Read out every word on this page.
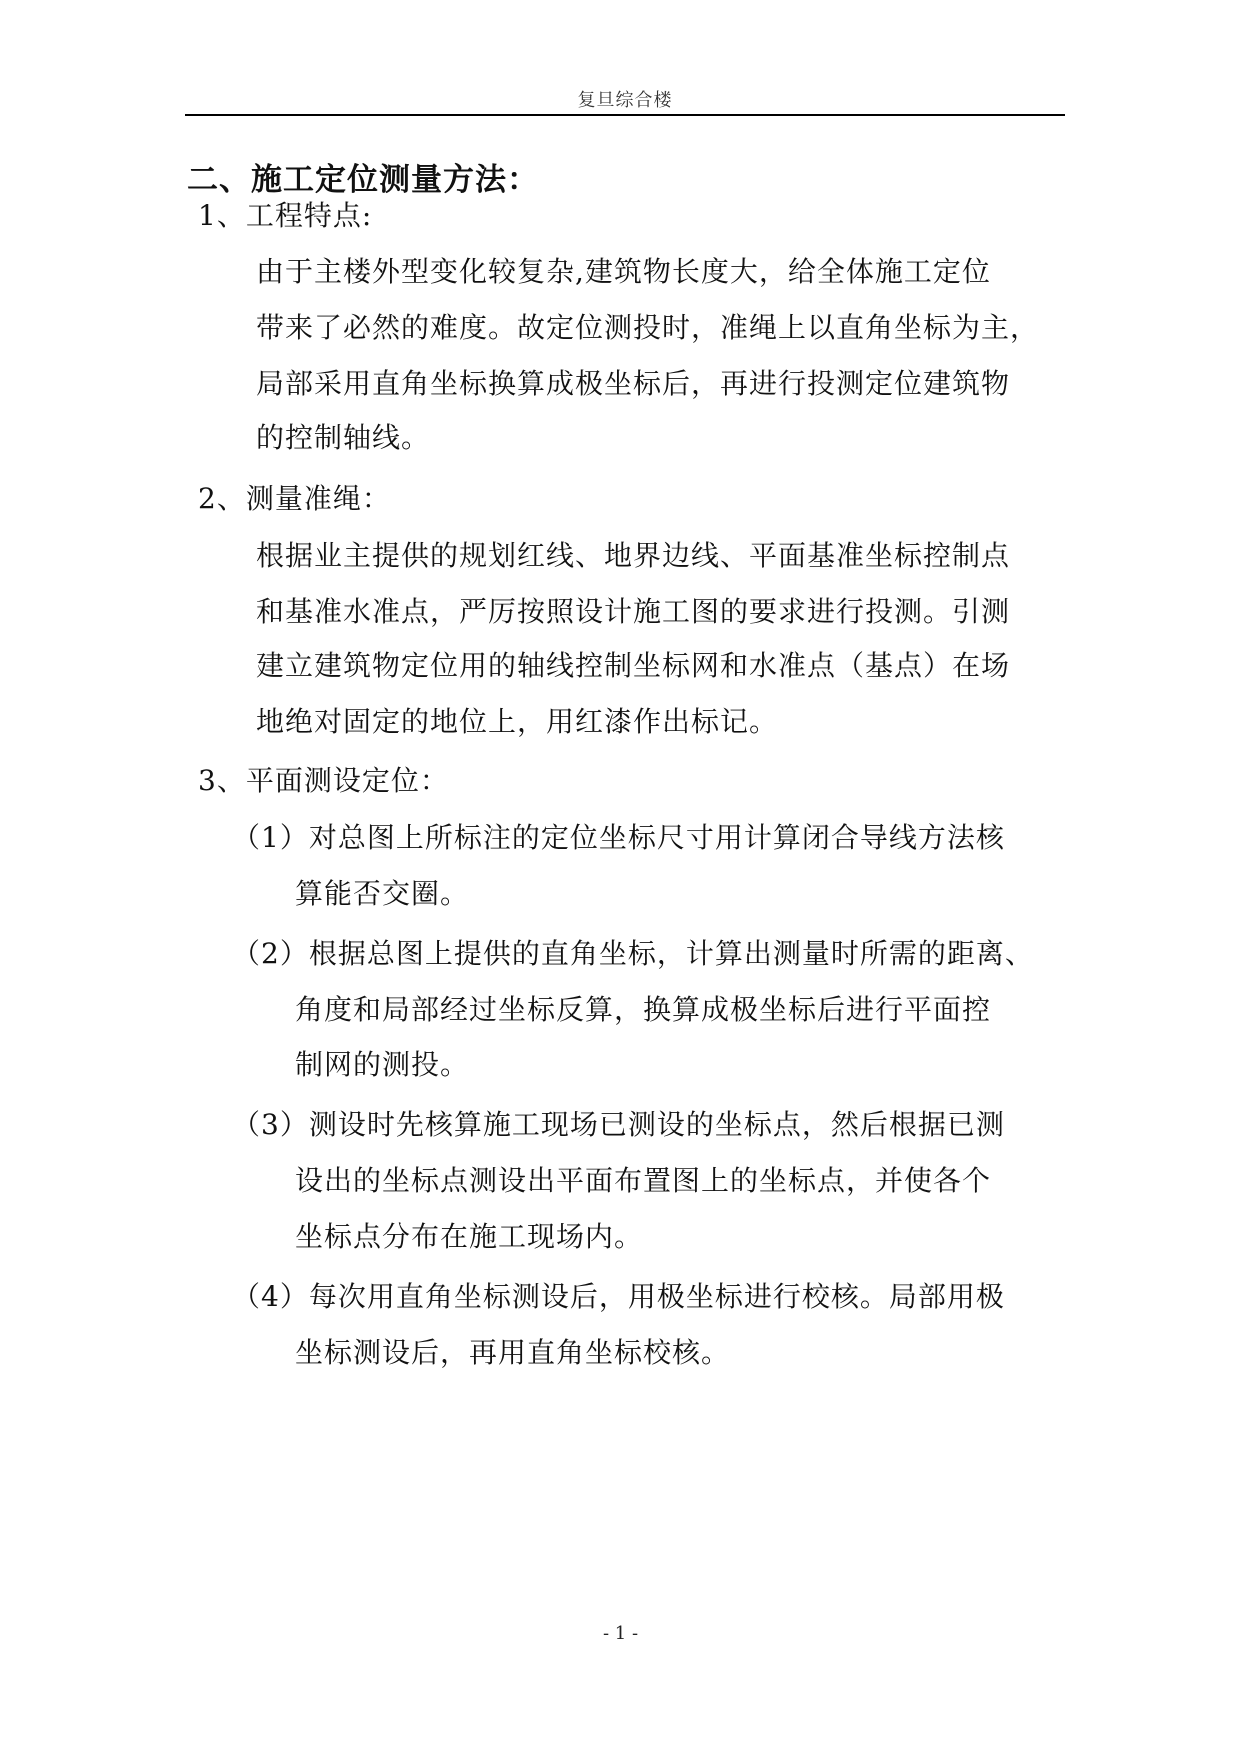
复旦综合楼
二、施工定位测量方法：
1、工程特点:
由于主楼外型变化较复杂,建筑物长度大，给全体施工定位
带来了必然的难度。故定位测投时，准绳上以直角坐标为主，
局部采用直角坐标换算成极坐标后，再进行投测定位建筑物
的控制轴线。
2、测量准绳：
根据业主提供的规划红线、地界边线、平面基准坐标控制点
和基准水准点，严厉按照设计施工图的要求进行投测。引测
建立建筑物定位用的轴线控制坐标网和水准点（基点）在场
地绝对固定的地位上，用红漆作出标记。
3、平面测设定位：
（1）对总图上所标注的定位坐标尺寸用计算闭合导线方法核
算能否交圈。
（2）根据总图上提供的直角坐标，计算出测量时所需的距离、
角度和局部经过坐标反算，换算成极坐标后进行平面控
制网的测投。
（3）测设时先核算施工现场已测设的坐标点，然后根据已测
设出的坐标点测设出平面布置图上的坐标点，并使各个
坐标点分布在施工现场内。
（4）每次用直角坐标测设后，用极坐标进行校核。局部用极
坐标测设后，再用直角坐标校核。
- 1 -
